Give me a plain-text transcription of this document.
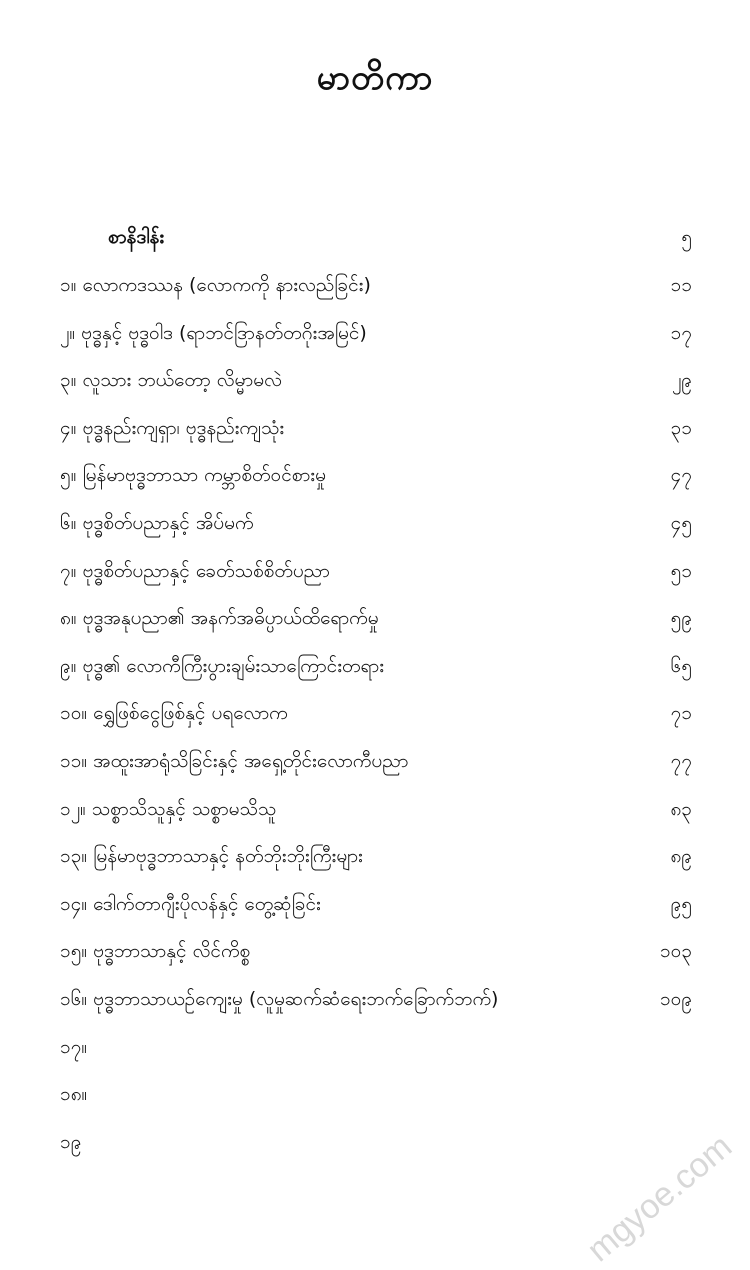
မာတိကာ
စာနိဒါန်း	၅
၁။ လောကဒဿန (လောကကို နားလည်ခြင်း)	၁၁
၂။ ဗုဒ္ဓနှင့် ဗုဒ္ဓဝါဒ (ရာဘင်ဒြာနတ်တဂိုးအမြင်)	၁၇
၃။ လူသား ဘယ်တော့ လိမ္မာမလဲ	၂၉
၄။ ဗုဒ္ဓနည်းကျရှာ၊ ဗုဒ္ဓနည်းကျသုံး	၃၁
၅။ မြန်မာဗုဒ္ဓဘာသာ ကမ္ဘာစိတ်ဝင်စားမှု	၄၇
၆။ ဗုဒ္ဓစိတ်ပညာနှင့် အိပ်မက်	၄၅
၇။ ဗုဒ္ဓစိတ်ပညာနှင့် ခေတ်သစ်စိတ်ပညာ	၅၁
၈။ ဗုဒ္ဓအနုပညာ၏ အနက်အဓိပ္ပာယ်ထိရောက်မှု	၅၉
၉။ ဗုဒ္ဓ၏ လောကီကြီးပွားချမ်းသာကြောင်းတရား	၆၅
၁၀။ ရွှေဖြစ်ငွေဖြစ်နှင့် ပရလောက	၇၁
၁၁။ အထူးအာရုံသိခြင်းနှင့် အရှေ့တိုင်းလောကီပညာ	၇၇
၁၂။ သစ္စာသိသူနှင့် သစ္စာမသိသူ	၈၃
၁၃။ မြန်မာဗုဒ္ဓဘာသာနှင့် နတ်ဘိုးဘိုးကြီးများ	၈၉
၁၄။ ဒေါက်တာဂျီးပိုလန်နှင့် တွေ့ဆုံခြင်း	၉၅
၁၅။ ဗုဒ္ဓဘာသာနှင့် လိင်ကိစ္စ	၁၀၃
၁၆။ ဗုဒ္ဓဘာသာယဉ်ကျေးမှု (လူမှုဆက်ဆံရေးဘက်ခြောက်ဘက်)	၁၀၉
၁၇။
၁၈။
၁၉	mgyoe.com
